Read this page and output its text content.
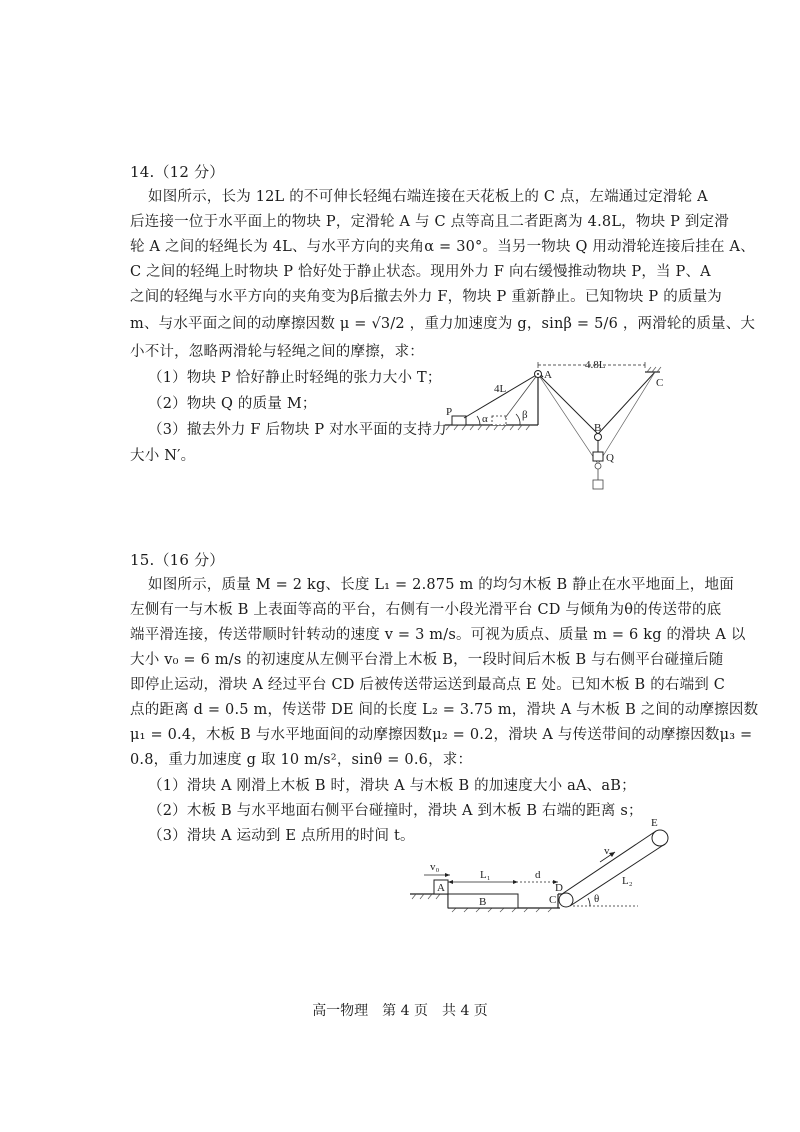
14.（12 分）
如图所示，长为 12L 的不可伸长轻绳右端连接在天花板上的 C 点，左端通过定滑轮 A
后连接一位于水平面上的物块 P，定滑轮 A 与 C 点等高且二者距离为 4.8L，物块 P 到定滑
轮 A 之间的轻绳长为 4L、与水平方向的夹角α = 30°。当另一物块 Q 用动滑轮连接后挂在 A、
C 之间的轻绳上时物块 P 恰好处于静止状态。现用外力 F 向右缓慢推动物块 P，当 P、A
之间的轻绳与水平方向的夹角变为β后撤去外力 F，物块 P 重新静止。已知物块 P 的质量为
m、与水平面之间的动摩擦因数 μ = √3/2 ，重力加速度为 g，sinβ = 5/6 ，两滑轮的质量、大
小不计，忽略两滑轮与轻绳之间的摩擦，求：
（1）物块 P 恰好静止时轻绳的张力大小 T；
（2）物块 Q 的质量 M；
（3）撤去外力 F 后物块 P 对水平面的支持力
大小 N′。
P
α	β
4L
A
4.8L
C
B
Q
15.（16 分）
如图所示，质量 M = 2 kg、长度 L₁ = 2.875 m 的均匀木板 B 静止在水平地面上，地面
左侧有一与木板 B 上表面等高的平台，右侧有一小段光滑平台 CD 与倾角为θ的传送带的底
端平滑连接，传送带顺时针转动的速度 v = 3 m/s。可视为质点、质量 m = 6 kg 的滑块 A 以
大小 v₀ = 6 m/s 的初速度从左侧平台滑上木板 B，一段时间后木板 B 与右侧平台碰撞后随
即停止运动，滑块 A 经过平台 CD 后被传送带运送到最高点 E 处。已知木板 B 的右端到 C
点的距离 d = 0.5 m，传送带 DE 间的长度 L₂ = 3.75 m，滑块 A 与木板 B 之间的动摩擦因数
μ₁ = 0.4，木板 B 与水平地面间的动摩擦因数μ₂ = 0.2，滑块 A 与传送带间的动摩擦因数μ₃ =
0.8，重力加速度 g 取 10 m/s²，sinθ = 0.6，求：
（1）滑块 A 刚滑上木板 B 时，滑块 A 与木板 B 的加速度大小 aA、aB；
（2）木板 B 与水平地面右侧平台碰撞时，滑块 A 到木板 B 右端的距离 s；
（3）滑块 A 运动到 E 点所用的时间 t。
v₀
A
B
L₁	d
C
D
v
L₂
E
θ
高一物理　第 4 页　共 4 页
